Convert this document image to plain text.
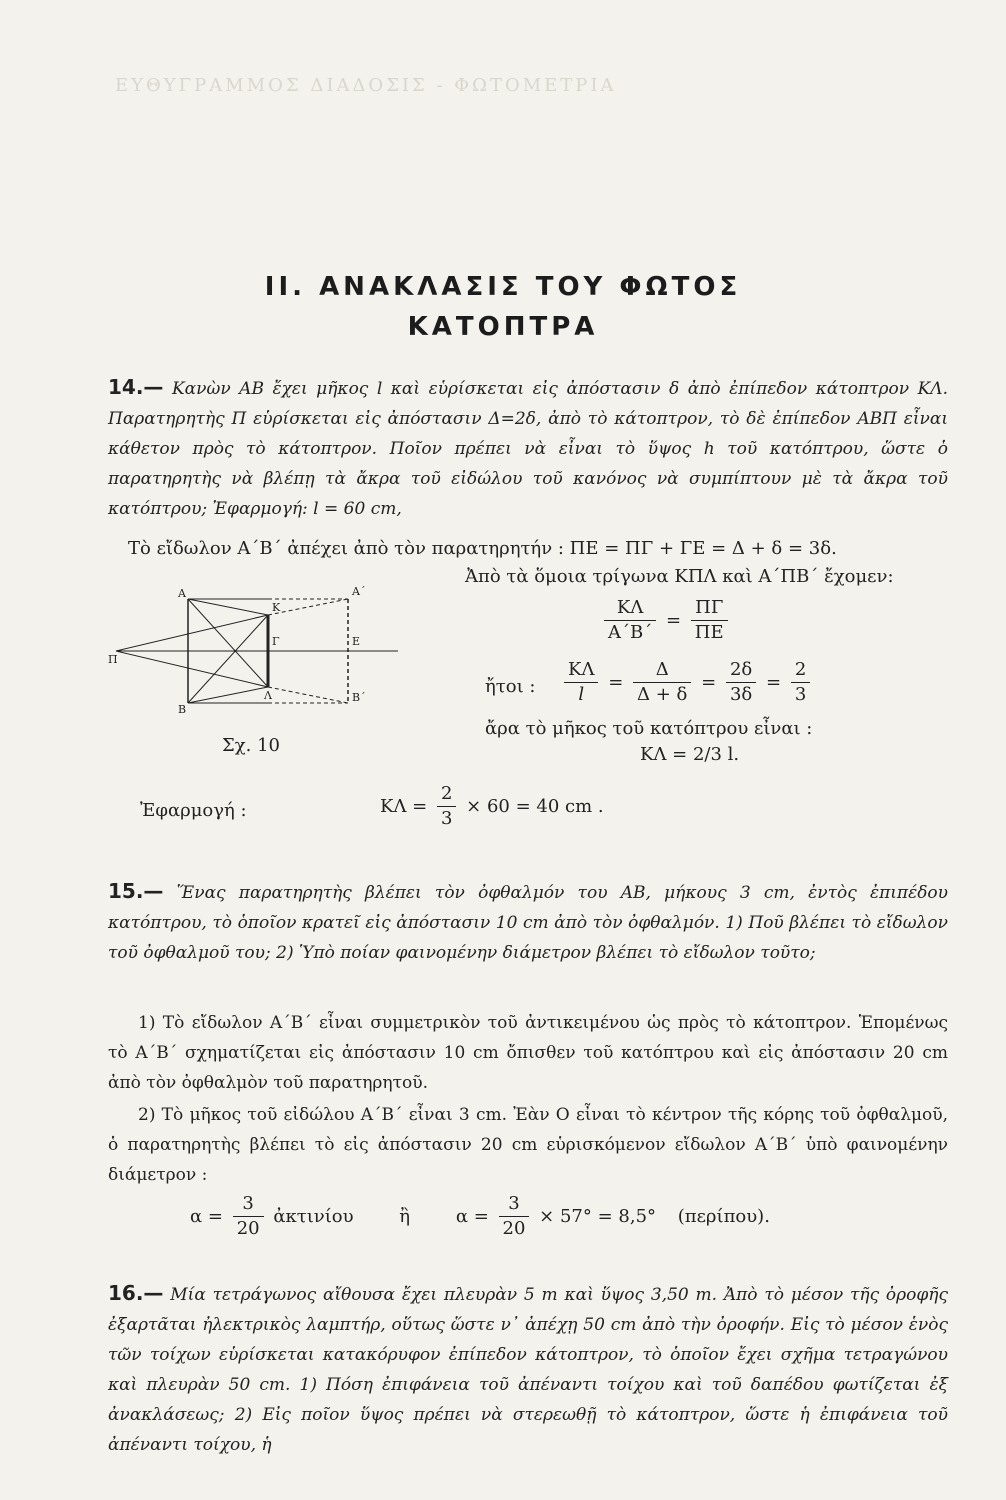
ΕΥΘΥΓΡΑΜΜΟΣ ΔΙΑΔΟΣΙΣ - ΦΩΤΟΜΕΤΡΙΑ
II. ΑΝΑΚΛΑΣΙΣ ΤΟΥ ΦΩΤΟΣ
ΚΑΤΟΠΤΡΑ
14.— Κανὼν ΑΒ ἔχει μῆκος l καὶ εὑρίσκεται εἰς ἀπόστασιν δ ἀπὸ ἐπίπεδον κάτοπτρον ΚΛ. Παρατηρητὴς Π εὑρίσκεται εἰς ἀπόστασιν Δ=2δ, ἀπὸ τὸ κάτοπτρον, τὸ δὲ ἐπίπεδον ΑΒΠ εἶναι κάθετον πρὸς τὸ κάτοπτρον. Ποῖον πρέπει νὰ εἶναι τὸ ὕψος h τοῦ κατόπτρου, ὥστε ὁ παρατηρητὴς νὰ βλέπῃ τὰ ἄκρα τοῦ εἰδώλου τοῦ κανόνος νὰ συμπίπτουν μὲ τὰ ἄκρα τοῦ κατόπτρου; Ἐφαρμογή: l = 60 cm,
Τὸ εἴδωλον Α΄Β΄ ἀπέχει ἀπὸ τὸν παρατηρητήν : ΠΕ = ΠΓ + ΓΕ = Δ + δ = 3δ.
Ἀπὸ τὰ ὅμοια τρίγωνα ΚΠΛ καὶ Α΄ΠΒ΄ ἔχομεν:
Α	Α΄
Κ
Γ	Ε
Π
Λ
Β
Β΄
Σχ. 10
$\frac{K\Lambda}{A΄B΄} = \frac{\Pi\Gamma}{\Pi E}$
ἤτοι : $\frac{K\Lambda}{l} = \frac{\Delta}{\Delta + \delta} = \frac{2\delta}{3\delta} = \frac{2}{3}$
ἄρα τὸ μῆκος τοῦ κατόπτρου εἶναι :
ΚΛ = 2/3 l.
Ἐφαρμογή :	$K\Lambda = \frac{2}{3} \times 60 = 40$ cm .
15.— Ἕνας παρατηρητὴς βλέπει τὸν ὀφθαλμόν του ΑΒ, μήκους 3 cm, ἐντὸς ἐπιπέδου κατόπτρου, τὸ ὁποῖον κρατεῖ εἰς ἀπόστασιν 10 cm ἀπὸ τὸν ὀφθαλμόν. 1) Ποῦ βλέπει τὸ εἴδωλον τοῦ ὀφθαλμοῦ του; 2) Ὑπὸ ποίαν φαινομένην διάμετρον βλέπει τὸ εἴδωλον τοῦτο;
1) Τὸ εἴδωλον Α΄Β΄ εἶναι συμμετρικὸν τοῦ ἀντικειμένου ὡς πρὸς τὸ κάτοπτρον. Ἑπομένως τὸ Α΄Β΄ σχηματίζεται εἰς ἀπόστασιν 10 cm ὄπισθεν τοῦ κατόπτρου καὶ εἰς ἀπόστασιν 20 cm ἀπὸ τὸν ὀφθαλμὸν τοῦ παρατηρητοῦ.
2) Τὸ μῆκος τοῦ εἰδώλου Α΄Β΄ εἶναι 3 cm. Ἐὰν Ο εἶναι τὸ κέντρον τῆς κόρης τοῦ ὀφθαλμοῦ, ὁ παρατηρητὴς βλέπει τὸ εἰς ἀπόστασιν 20 cm εὑρισκόμενον εἴδωλον Α΄Β΄ ὑπὸ φαινομένην διάμετρον :
$\alpha = \frac{3}{20}$ ἀκτινίου	ἢ	$\alpha = \frac{3}{20} \times 57^\circ = 8,5^\circ$ (περίπου).
16.— Μία τετράγωνος αἴθουσα ἔχει πλευρὰν 5 m καὶ ὕψος 3,50 m. Ἀπὸ τὸ μέσον τῆς ὀροφῆς ἐξαρτᾶται ἠλεκτρικὸς λαμπτήρ, οὕτως ὥστε ν᾽ ἀπέχῃ 50 cm ἀπὸ τὴν ὀροφήν. Εἰς τὸ μέσον ἑνὸς τῶν τοίχων εὑρίσκεται κατακόρυφον ἐπίπεδον κάτοπτρον, τὸ ὁποῖον ἔχει σχῆμα τετραγώνου καὶ πλευρὰν 50 cm. 1) Πόση ἐπιφάνεια τοῦ ἀπέναντι τοίχου καὶ τοῦ δαπέδου φωτίζεται ἐξ ἀνακλάσεως; 2) Εἰς ποῖον ὕψος πρέπει νὰ στερεωθῇ τὸ κάτοπτρον, ὥστε ἡ ἐπιφάνεια τοῦ ἀπέναντι τοίχου, ἡ
